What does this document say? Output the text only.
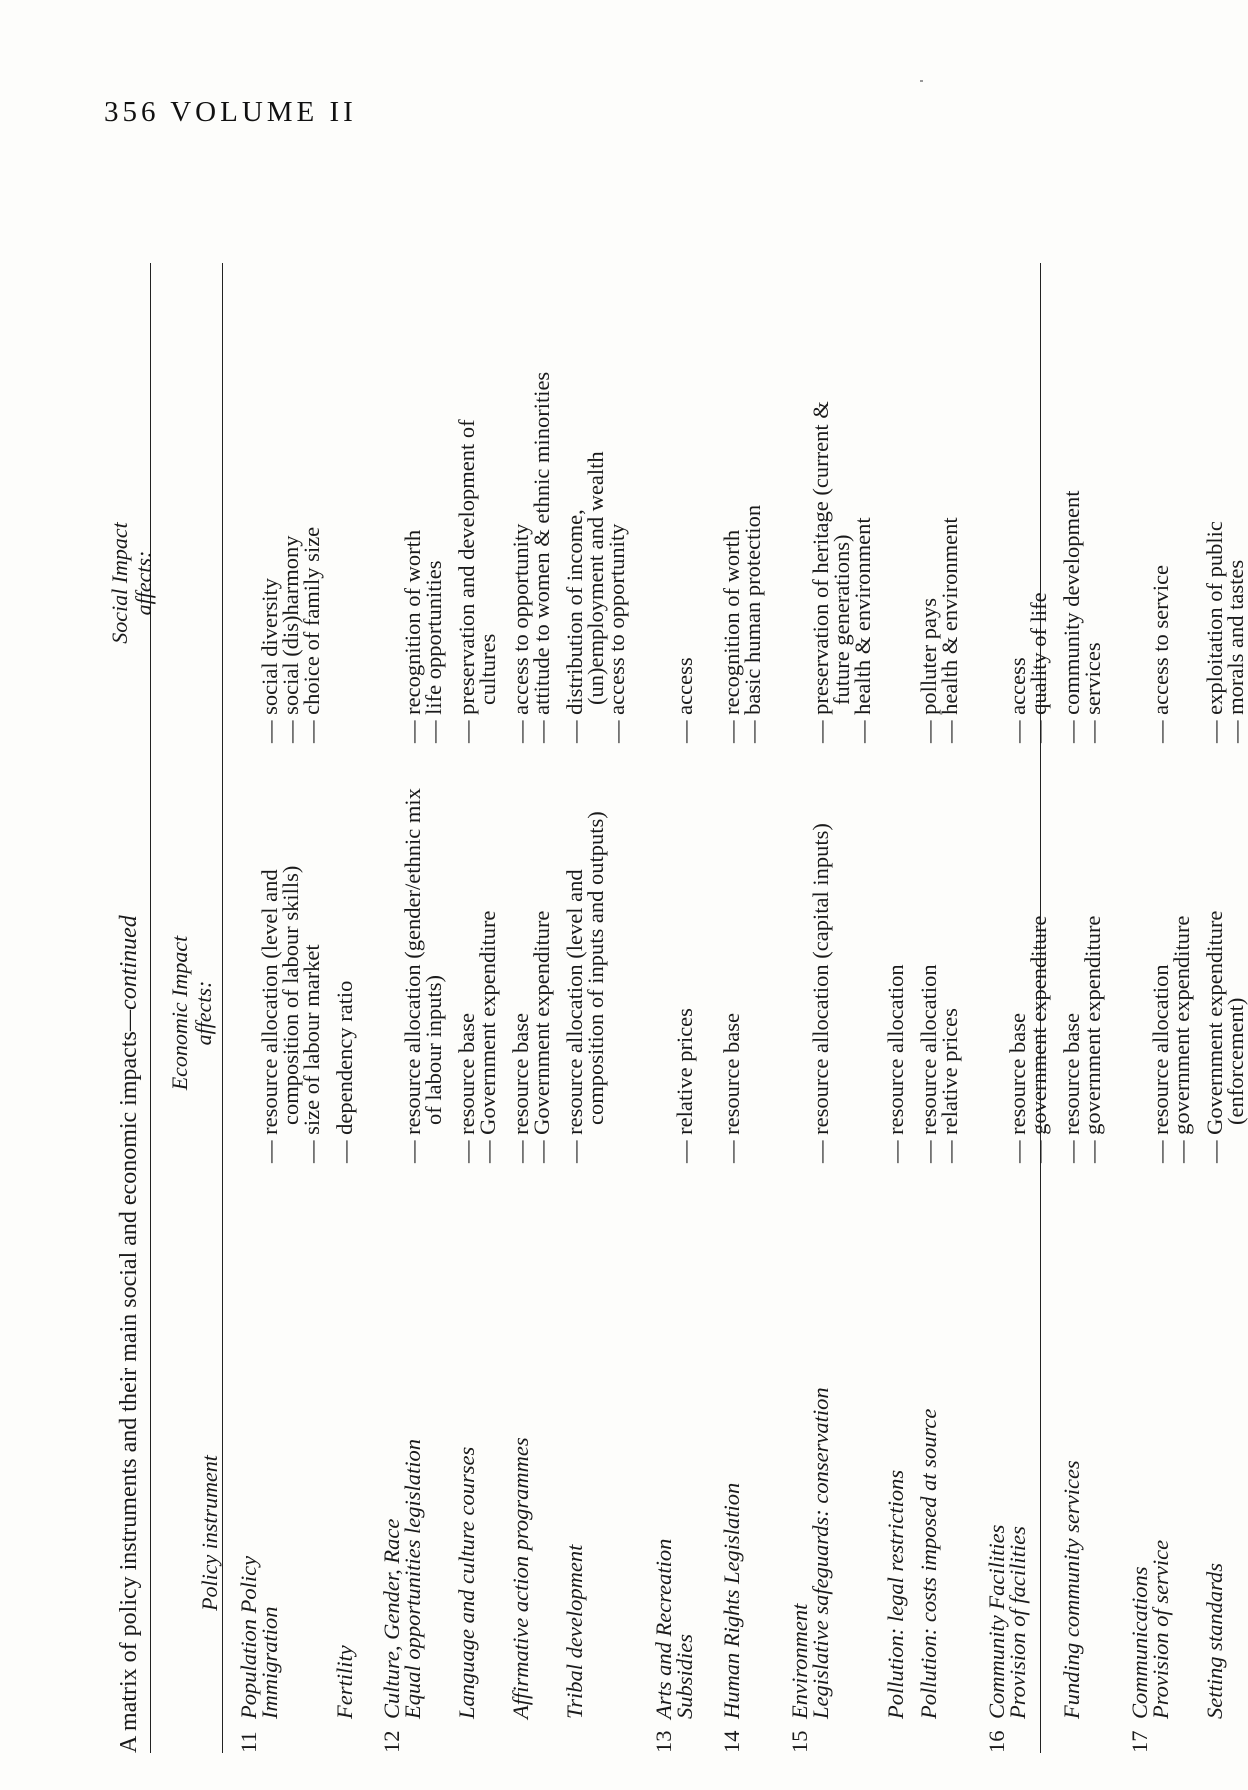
356 VOLUME II
A matrix of policy instruments and their main social and economic impacts—continued
Policy instrument
Economic Impact affects:
Social Impact affects:
11
Population Policy
Immigration
— resource allocation (level and
composition of labour skills)
— size of labour market
— social diversity
— social (dis)harmony
— choice of family size
Fertility
— dependency ratio
12
Culture, Gender, Race
Equal opportunities legislation
— resource allocation (gender/ethnic mix
of labour inputs)
— recognition of worth
— life opportunities
Language and culture courses
— resource base
— Government expenditure
— preservation and development of
cultures
Affirmative action programmes
— resource base
— Government expenditure
— access to opportunity
— attitude to women & ethnic minorities
Tribal development
— resource allocation (level and
composition of inputs and outputs)
— distribution of income,
(un)employment and wealth
— access to opportunity
13
Arts and Recreation
Subsidies
— relative prices
— access
14
Human Rights Legislation
— resource base
— recognition of worth
— basic human protection
15
Environment
Legislative safeguards: conservation
— resource allocation (capital inputs)
— preservation of heritage (current &
future generations)
— health & environment
Pollution: legal restrictions
— resource allocation
Pollution: costs imposed at source
— resource allocation
— relative prices
— polluter pays
— health & environment
16
Community Facilities
Provision of facilities
— resource base
— government expenditure
— access
— quality of life
Funding community services
— resource base
— government expenditure
— community development
— services
17
Communications
Provision of service
— resource allocation
— government expenditure
— access to service
Setting standards
— Government expenditure
(enforcement)
— exploitation of public
— morals and tastes
